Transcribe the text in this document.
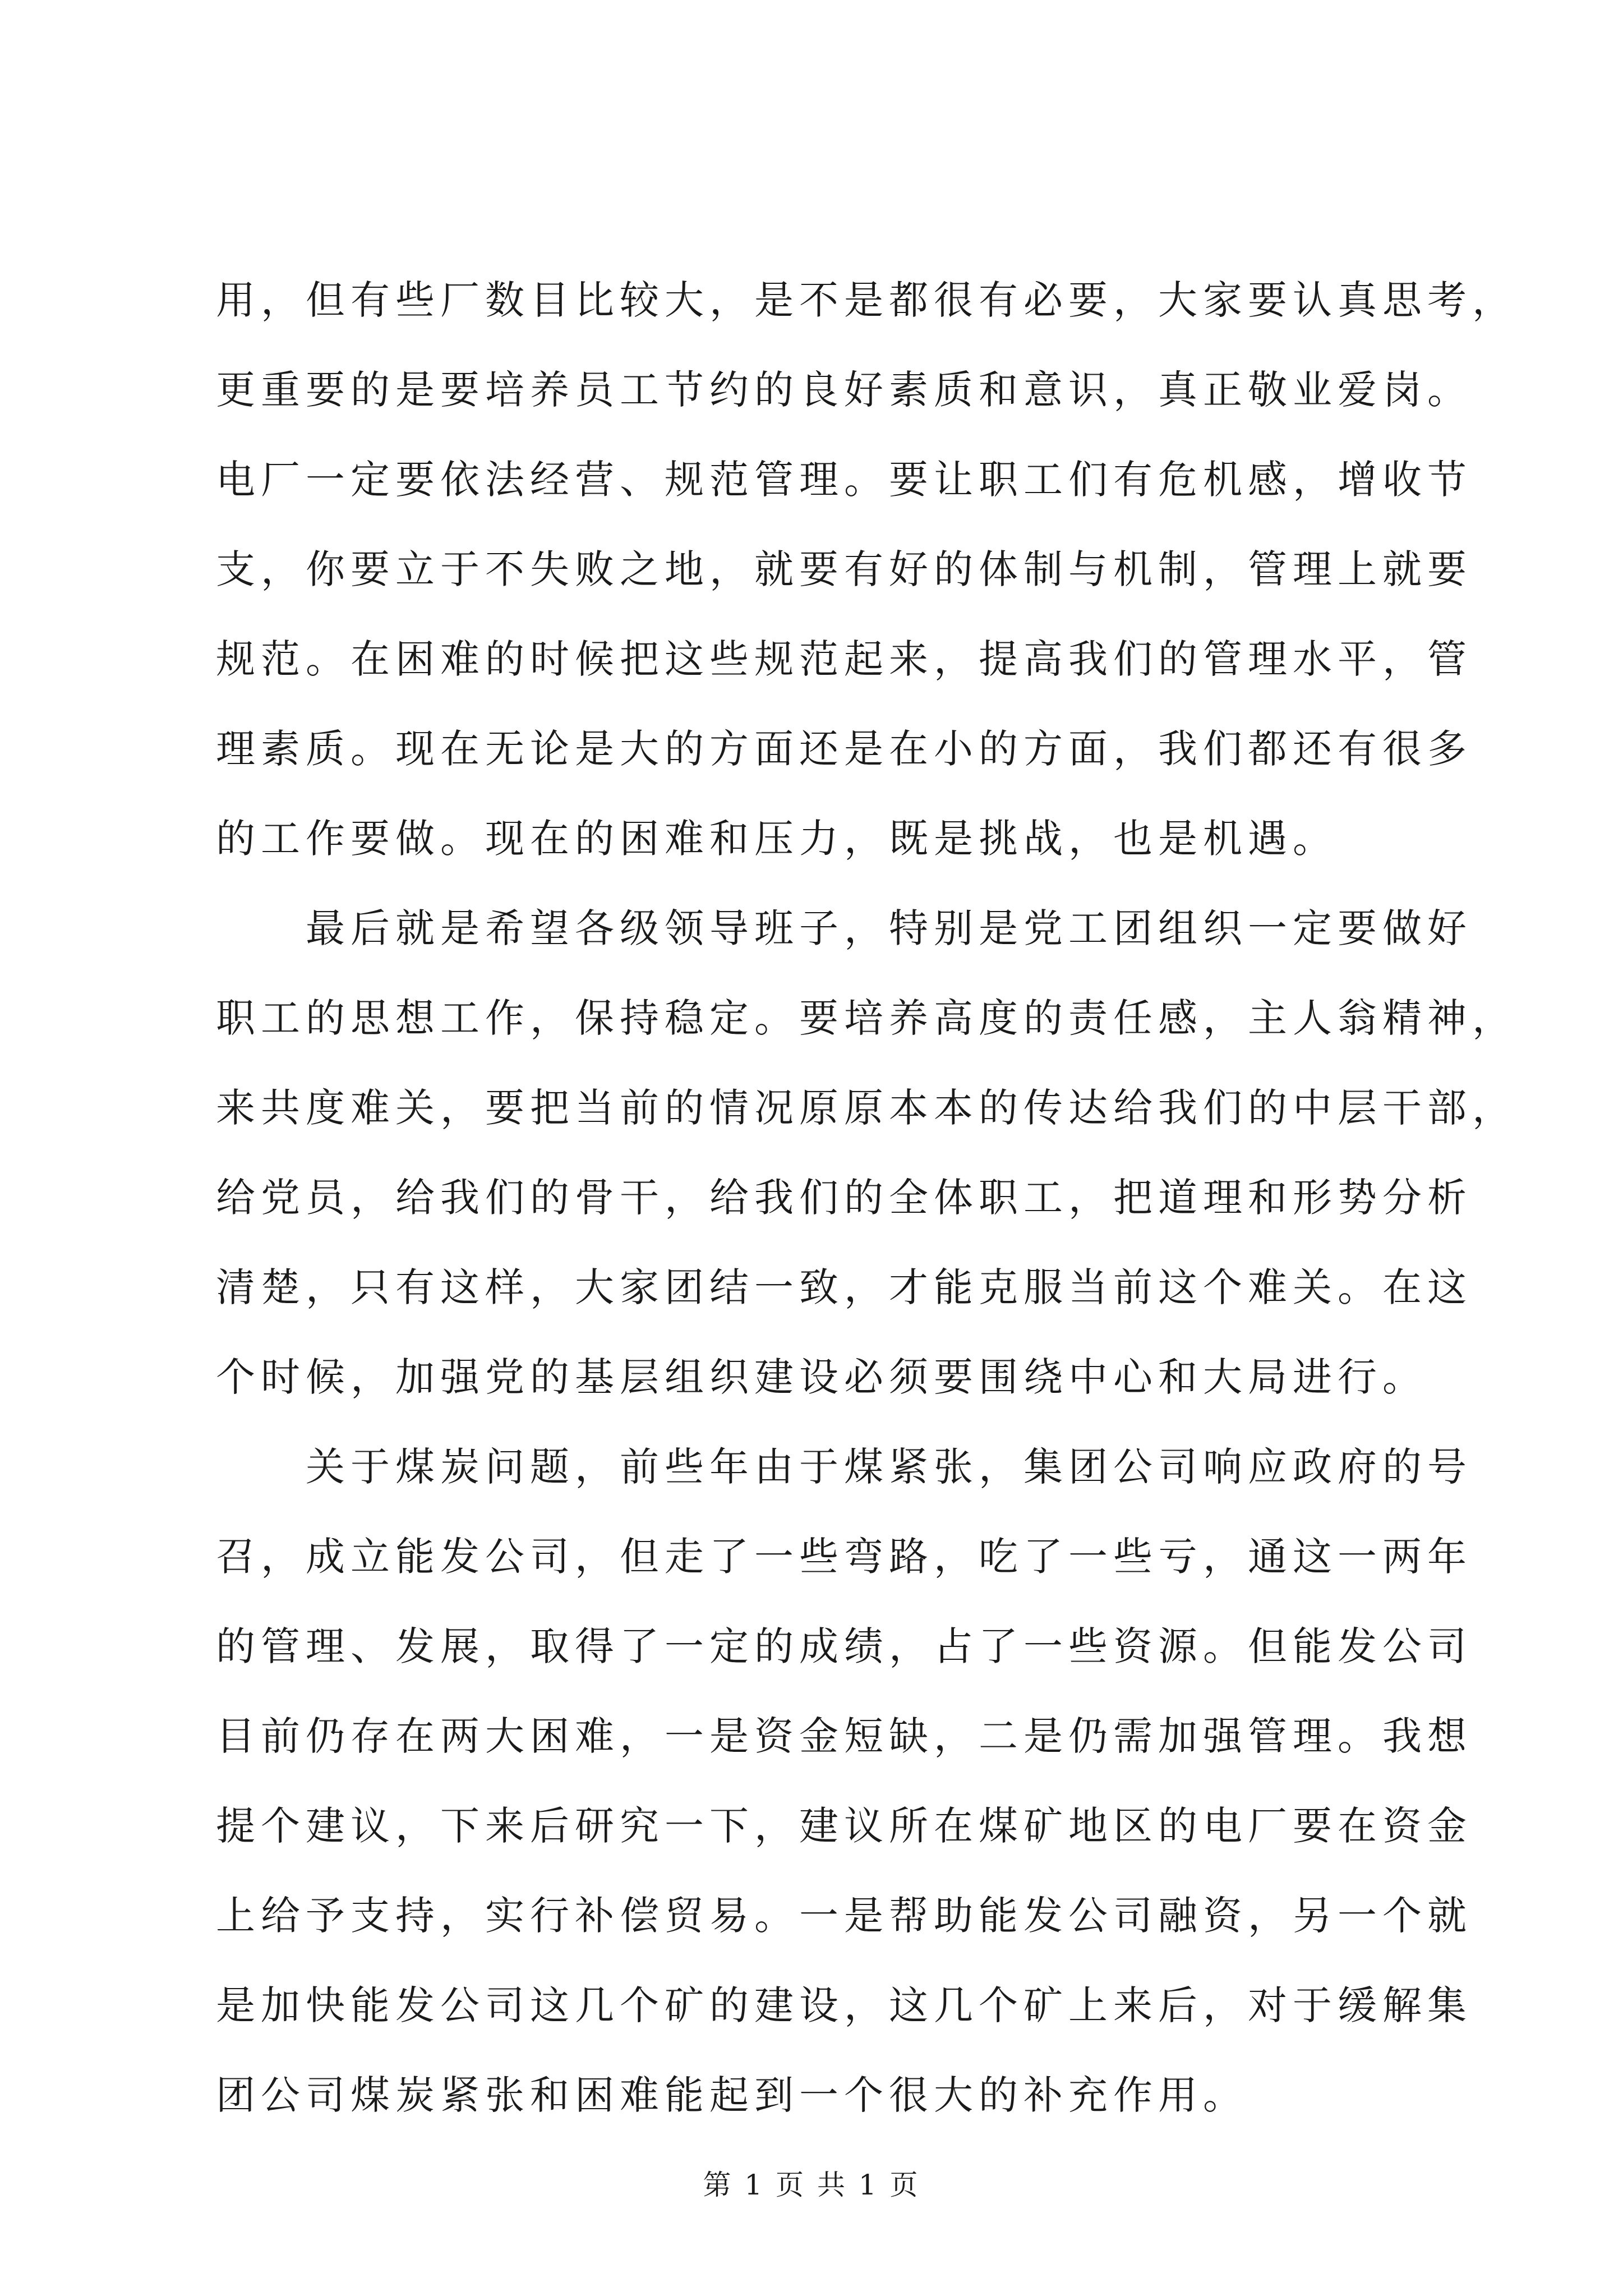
用，但有些厂数目比较大，是不是都很有必要，大家要认真思考，
更重要的是要培养员工节约的良好素质和意识，真正敬业爱岗。
电厂一定要依法经营、规范管理。要让职工们有危机感，增收节
支，你要立于不失败之地，就要有好的体制与机制，管理上就要
规范。在困难的时候把这些规范起来，提高我们的管理水平，管
理素质。现在无论是大的方面还是在小的方面，我们都还有很多
的工作要做。现在的困难和压力，既是挑战，也是机遇。
最后就是希望各级领导班子，特别是党工团组织一定要做好
职工的思想工作，保持稳定。要培养高度的责任感，主人翁精神，
来共度难关，要把当前的情况原原本本的传达给我们的中层干部，
给党员，给我们的骨干，给我们的全体职工，把道理和形势分析
清楚，只有这样，大家团结一致，才能克服当前这个难关。在这
个时候，加强党的基层组织建设必须要围绕中心和大局进行。
关于煤炭问题，前些年由于煤紧张，集团公司响应政府的号
召，成立能发公司，但走了一些弯路，吃了一些亏，通这一两年
的管理、发展，取得了一定的成绩，占了一些资源。但能发公司
目前仍存在两大困难，一是资金短缺，二是仍需加强管理。我想
提个建议，下来后研究一下，建议所在煤矿地区的电厂要在资金
上给予支持，实行补偿贸易。一是帮助能发公司融资，另一个就
是加快能发公司这几个矿的建设，这几个矿上来后，对于缓解集
团公司煤炭紧张和困难能起到一个很大的补充作用。
第 1 页 共 1 页
